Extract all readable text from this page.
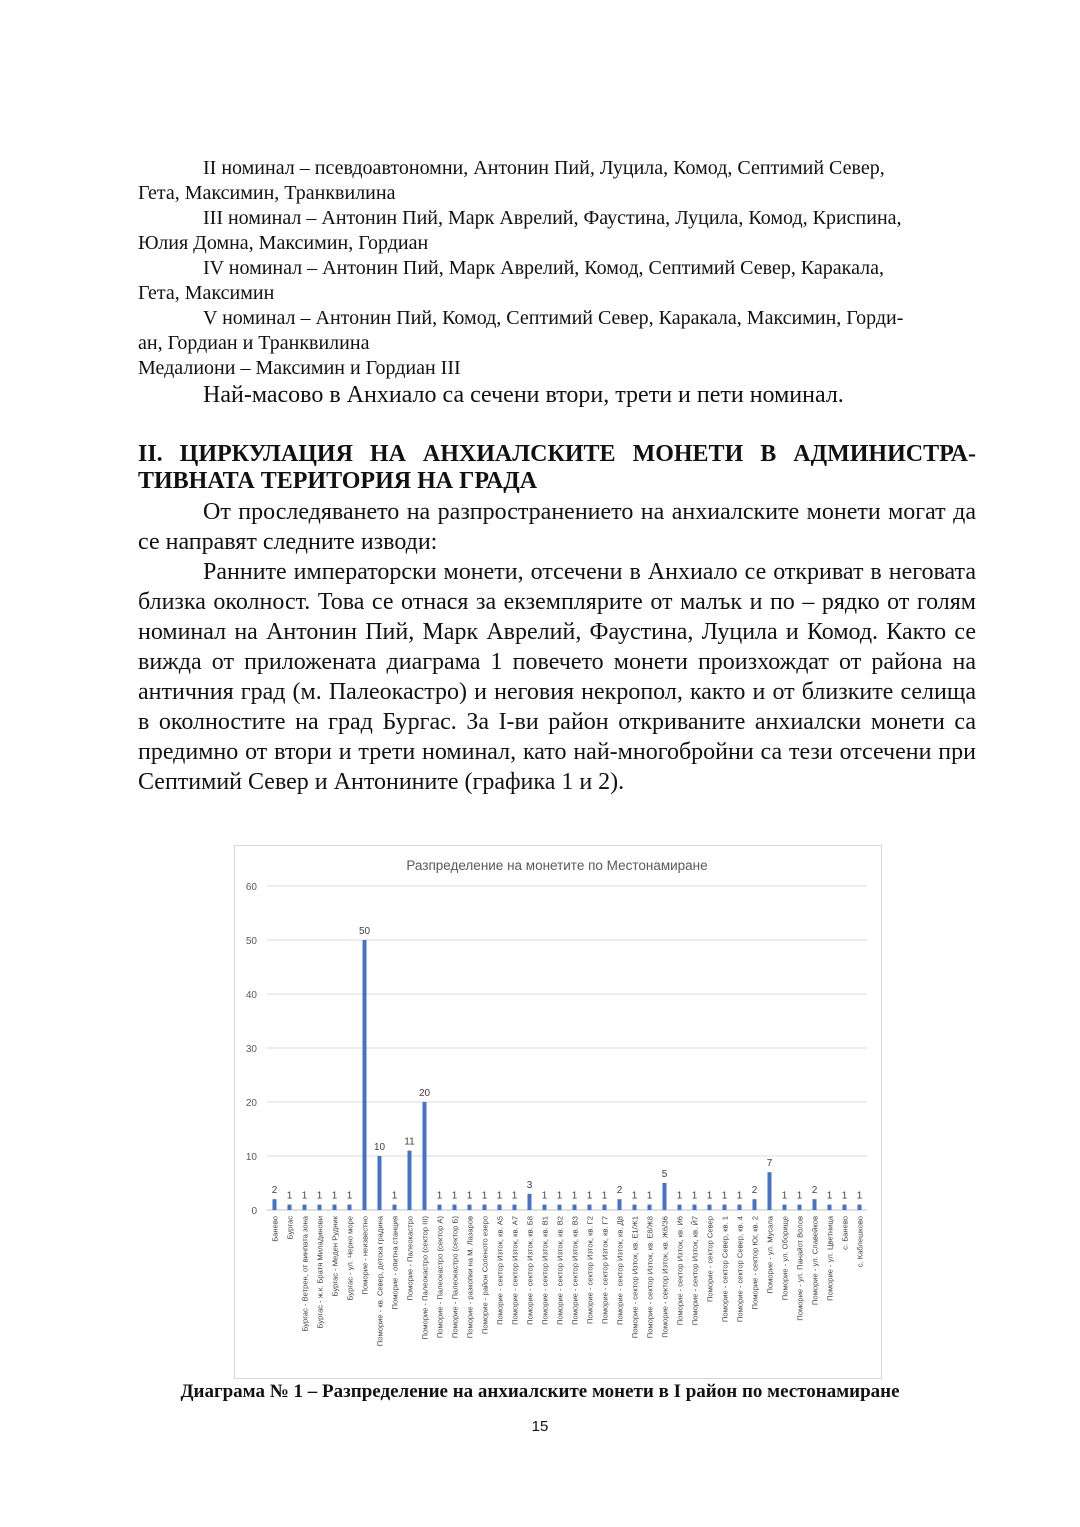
II номинал – псевдоавтономни, Антонин Пий, Луцила, Комод, Септимий Север,

Гета, Максимин, Транквилина

III номинал – Антонин Пий, Марк Аврелий, Фаустина, Луцила, Комод, Криспина,

Юлия Домна, Максимин, Гордиан

IV номинал – Антонин Пий, Марк Аврелий, Комод, Септимий Север, Каракала,

Гета, Максимин

V номинал – Антонин Пий, Комод, Септимий Север, Каракала, Максимин, Горди-

ан, Гордиан и Транквилина

Медалиони – Максимин и Гордиан III

Най-масово в Анхиало са сечени втори, трети и пети номинал.

II. ЦИРКУЛАЦИЯ НА АНХИАЛСКИТЕ МОНЕТИ В АДМИНИСТРА-
ТИВНАТА ТЕРИТОРИЯ НА ГРАДА

От проследяването на разпространението на анхиалските монети могат да се направят следните изводи:

Ранните императорски монети, отсечени в Анхиало се откриват в неговата близка околност. Това се отнася за екземплярите от малък и по – рядко от голям номинал на Антонин Пий, Марк Аврелий, Фаустина, Луцила и Комод. Както се вижда от приложената диаграма 1 повечето монети произхождат от района на античния град (м. Палеокастро) и неговия некропол, както и от близките селища в околностите на град Бургас. За I-ви район откриваните анхиалски монети са предимно от втори и трети номинал, като най-многобройни са тези отсечени при Септимий Север и Антонините (графика 1 и 2).

Разпределение на монетите по Местонамиране
0
10
20
30
40
50
60
2
Банево
1
Бургас
1
Бургас - Ветрен, от винпата зона
1
Бургас - ж.к. Братя Миладинови
1
Бургас - Меден Рудник
1
Бургас - ул. Черно море
50
Поморие - неизвестно
10
Поморие - кв. Север, детска градина
1
Поморие - опитна станция
11
Поморие - Палеокастро
20
Поморие - Палеокастро (сектор III)
1
Поморие - Палеокастро (сектор А)
1
Поморие - Палеокастро (сектор Б)
1
Поморие - разкопки на М. Лазаров
1
Поморие - район Соленото езеро
1
Поморие - сектор Изток, кв. А5
1
Поморие - сектор Изток, кв. А7
3
Поморие - сектор Изток, кв. Б8
1
Поморие - сектор Изток, кв. В1
1
Поморие - сектор Изток, кв. В2
1
Поморие - сектор Изток, кв. В3
1
Поморие - сектор Изток, кв. Г2
1
Поморие - сектор Изток, кв. Г7
2
Поморие - сектор Изток, кв. Д8
1
Поморие - сектор Изток, кв. Е1/Ж1
1
Поморие - сектор Изток, кв. Е8/Ж8
5
Поморие - сектор Изток, кв. Ж6/З6
1
Поморие - сектор Изток, кв. И6
1
Поморие - сектор Изток, кв. Й7
1
Поморие - сектор Север
1
Поморие - сектор Север, кв. 1
1
Поморие - сектор Север, кв. 4
2
Поморие - сектор Юг, кв. 2
7
Поморие - ул. Мусала
1
Поморие - ул. Оборище
1
Поморие - ул. Панайот Волов
2
Поморие - ул. Славейков
1
Поморие - ул. Цветница
1
с. Банево
1
с. Каблешково
Диаграма № 1 – Разпределение на анхиалските монети в I район по местонамиране
15
